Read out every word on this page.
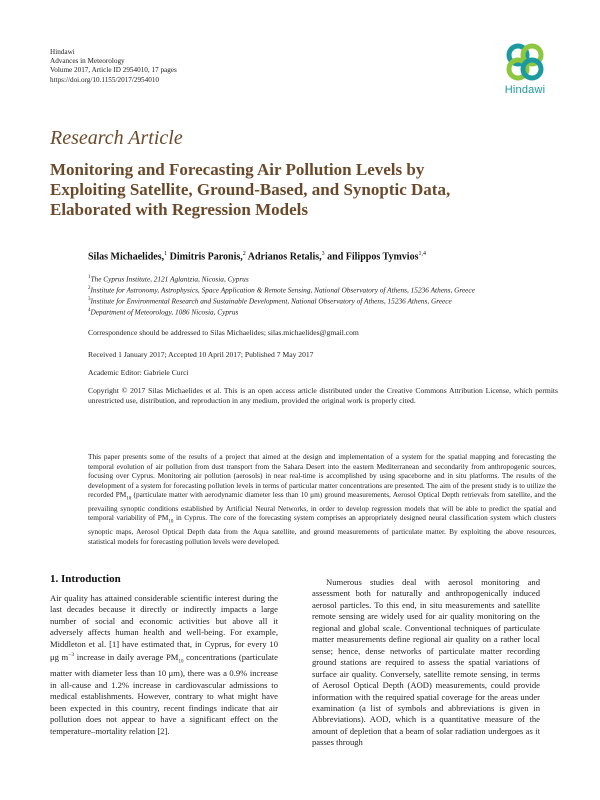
Hindawi
Advances in Meteorology
Volume 2017, Article ID 2954010, 17 pages
https://doi.org/10.1155/2017/2954010
Hindawi
Research Article
Monitoring and Forecasting Air Pollution Levels by
Exploiting Satellite, Ground-Based, and Synoptic Data,
Elaborated with Regression Models
Silas Michaelides,$^1$ Dimitris Paronis,$^2$ Adrianos Retalis,$^3$ and Filippos Tymvios$^{1,4}$
$^1$The Cyprus Institute, 2121 Aglantzia, Nicosia, Cyprus
$^2$Institute for Astronomy, Astrophysics, Space Application & Remote Sensing, National Observatory of Athens, 15236 Athens, Greece
$^3$Institute for Environmental Research and Sustainable Development, National Observatory of Athens, 15236 Athens, Greece
$^4$Department of Meteorology, 1086 Nicosia, Cyprus
Correspondence should be addressed to Silas Michaelides; silas.michaelides@gmail.com
Received 1 January 2017; Accepted 10 April 2017; Published 7 May 2017
Academic Editor: Gabriele Curci
Copyright © 2017 Silas Michaelides et al. This is an open access article distributed under the Creative Commons Attribution License, which permits unrestricted use, distribution, and reproduction in any medium, provided the original work is properly cited.
This paper presents some of the results of a project that aimed at the design and implementation of a system for the spatial mapping and forecasting the temporal evolution of air pollution from dust transport from the Sahara Desert into the eastern Mediterranean and secondarily from anthropogenic sources, focusing over Cyprus. Monitoring air pollution (aerosols) in near real-time is accomplished by using spaceborne and in situ platforms. The results of the development of a system for forecasting pollution levels in terms of particular matter concentrations are presented. The aim of the present study is to utilize the recorded $PM_{10}$ (particulate matter with aerodynamic diameter less than 10 μm) ground measurements, Aerosol Optical Depth retrievals from satellite, and the prevailing synoptic conditions established by Artificial Neural Networks, in order to develop regression models that will be able to predict the spatial and temporal variability of $PM_{10}$ in Cyprus. The core of the forecasting system comprises an appropriately designed neural classification system which clusters synoptic maps, Aerosol Optical Depth data from the Aqua satellite, and ground measurements of particulate matter. By exploiting the above resources, statistical models for forecasting pollution levels were developed.
1. Introduction

Air quality has attained considerable scientific interest during the last decades because it directly or indirectly impacts a large number of social and economic activities but above all it adversely affects human health and well-being. For example, Middleton et al. [1] have estimated that, in Cyprus, for every 10 μg $m^{-3}$ increase in daily average $PM_{10}$ concentrations (particulate matter with diameter less than 10 μm), there was a 0.9% increase in all-cause and 1.2% increase in cardiovascular admissions to medical establishments. However, contrary to what might have been expected in this country, recent findings indicate that air pollution does not appear to have a significant effect on the temperature–mortality relation [2].

Numerous studies deal with aerosol monitoring and assessment both for naturally and anthropogenically induced aerosol particles. To this end, in situ measurements and satellite remote sensing are widely used for air quality monitoring on the regional and global scale. Conventional techniques of particulate matter measurements define regional air quality on a rather local sense; hence, dense networks of particulate matter recording ground stations are required to assess the spatial variations of surface air quality. Conversely, satellite remote sensing, in terms of Aerosol Optical Depth (AOD) measurements, could provide information with the required spatial coverage for the areas under examination (a list of symbols and abbreviations is given in Abbreviations). AOD, which is a quantitative measure of the amount of depletion that a beam of solar radiation undergoes as it passes through
